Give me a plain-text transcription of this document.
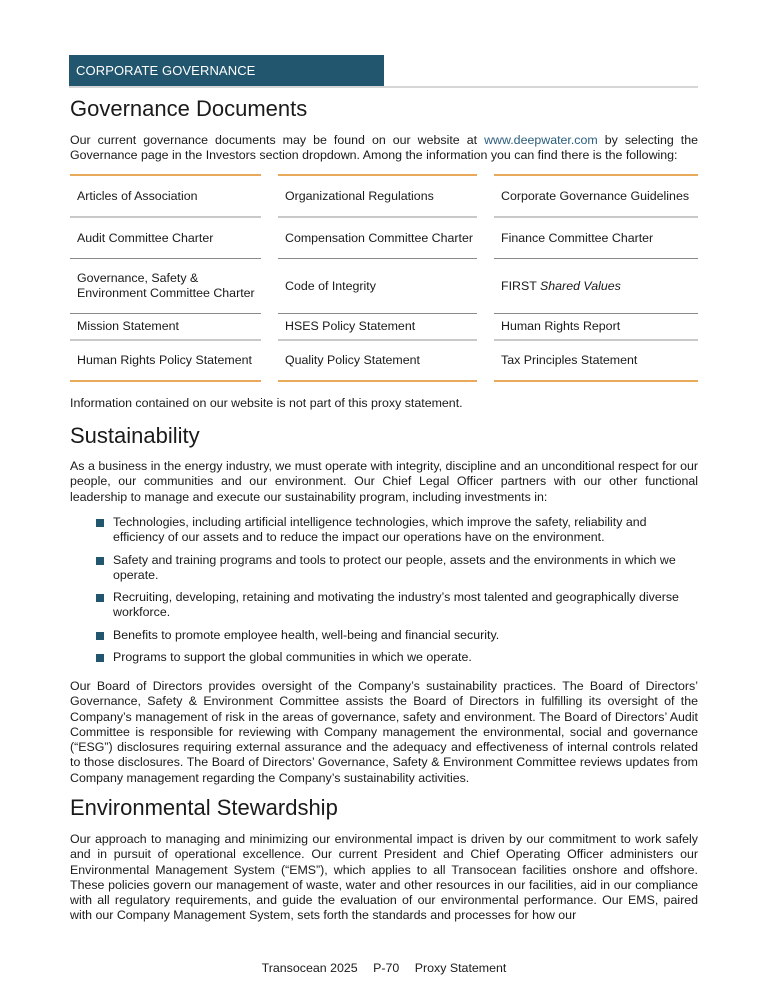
CORPORATE GOVERNANCE
Governance Documents

Our current governance documents may be found on our website at www.deepwater.com by selecting the Governance page in the Investors section dropdown. Among the information you can find there is the following:

Articles of Association
Audit Committee Charter
Governance, Safety & Environment Committee Charter
Mission Statement
Human Rights Policy Statement
Organizational Regulations
Compensation Committee Charter
Code of Integrity
HSES Policy Statement
Quality Policy Statement
Corporate Governance Guidelines
Finance Committee Charter
FIRST Shared Values
Human Rights Report
Tax Principles Statement

Information contained on our website is not part of this proxy statement.

Sustainability

As a business in the energy industry, we must operate with integrity, discipline and an unconditional respect for our people, our communities and our environment. Our Chief Legal Officer partners with our other functional leadership to manage and execute our sustainability program, including investments in:

Technologies, including artificial intelligence technologies, which improve the safety, reliability and efficiency of our assets and to reduce the impact our operations have on the environment.
Safety and training programs and tools to protect our people, assets and the environments in which we operate.
Recruiting, developing, retaining and motivating the industry’s most talented and geographically diverse workforce.
Benefits to promote employee health, well-being and financial security.
Programs to support the global communities in which we operate.

Our Board of Directors provides oversight of the Company’s sustainability practices. The Board of Directors’ Governance, Safety & Environment Committee assists the Board of Directors in fulfilling its oversight of the Company’s management of risk in the areas of governance, safety and environment. The Board of Directors’ Audit Committee is responsible for reviewing with Company management the environmental, social and governance (“ESG”) disclosures requiring external assurance and the adequacy and effectiveness of internal controls related to those disclosures. The Board of Directors’ Governance, Safety & Environment Committee reviews updates from Company management regarding the Company’s sustainability activities.

Environmental Stewardship

Our approach to managing and minimizing our environmental impact is driven by our commitment to work safely and in pursuit of operational excellence. Our current President and Chief Operating Officer administers our Environmental Management System (“EMS”), which applies to all Transocean facilities onshore and offshore. These policies govern our management of waste, water and other resources in our facilities, aid in our compliance with all regulatory requirements, and guide the evaluation of our environmental performance. Our EMS, paired with our Company Management System, sets forth the standards and processes for how our

Transocean 2025 P-70 Proxy Statement
